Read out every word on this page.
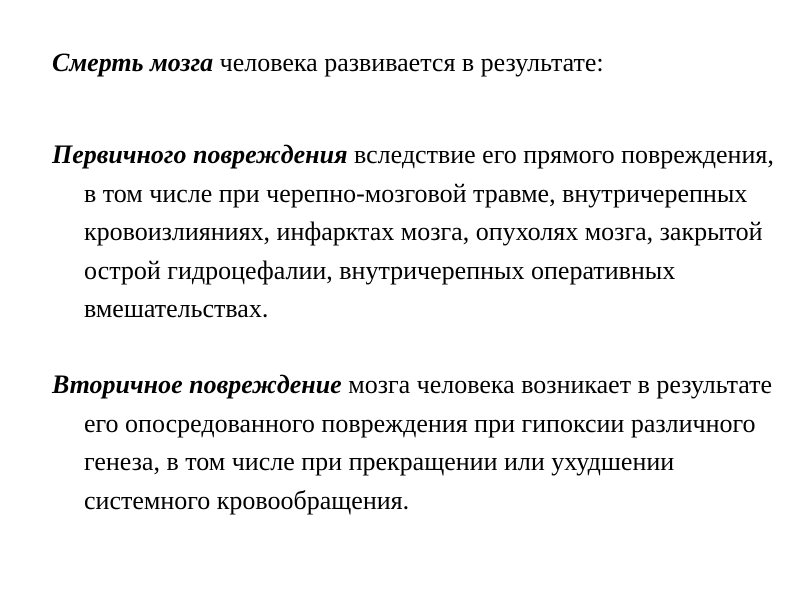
Смерть мозга человека развивается в результате:

Первичного повреждения вследствие его прямого повреждения, в том числе при черепно-мозговой травме, внутричерепных кровоизлияниях, инфарктах мозга, опухолях мозга, закрытой острой гидроцефалии, внутричерепных оперативных вмешательствах.

Вторичное повреждение мозга человека возникает в результате его опосредованного повреждения при гипоксии различного генеза, в том числе при прекращении или ухудшении системного кровообращения.
